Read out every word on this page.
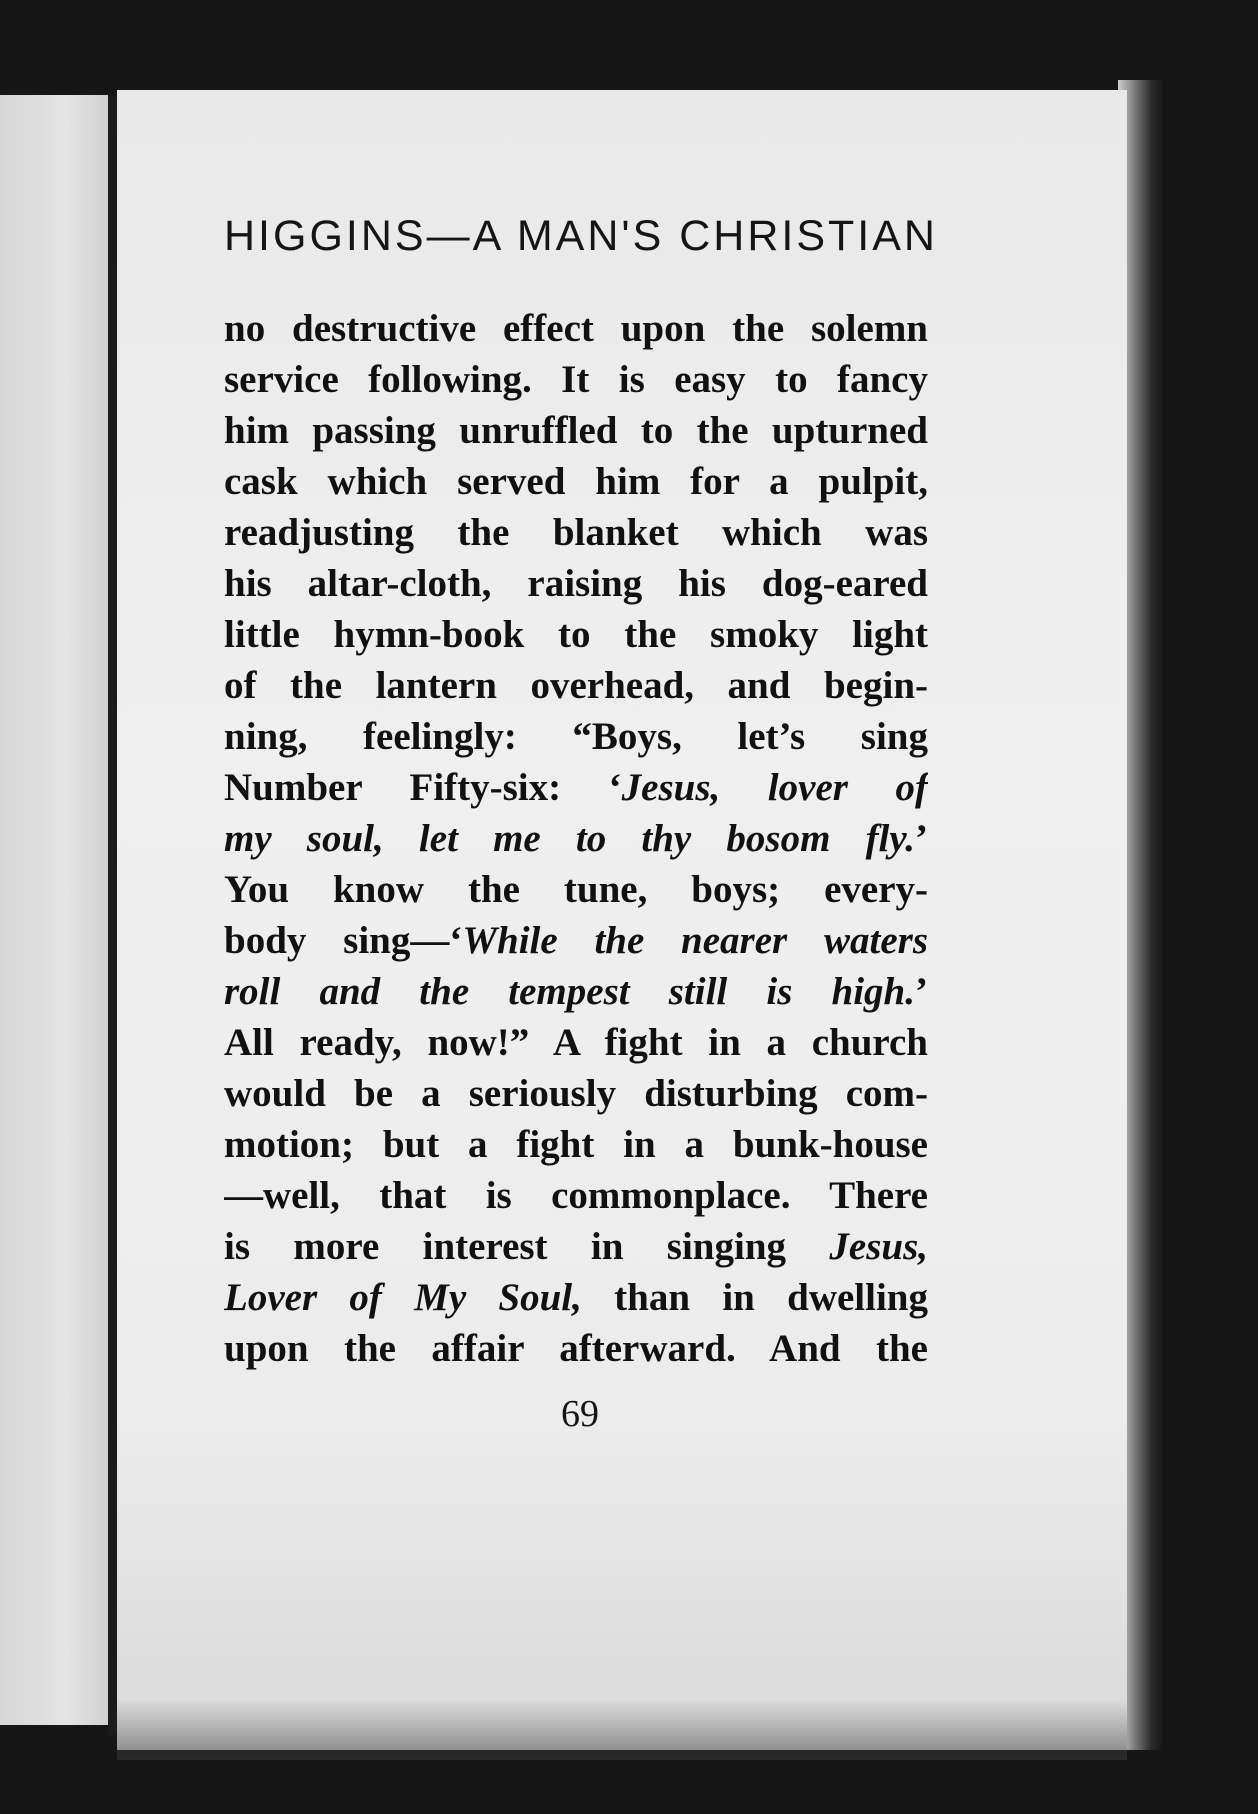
HIGGINS—A MAN'S CHRISTIAN
no destructive effect upon the solemn
service following. It is easy to fancy
him passing unruffled to the upturned
cask which served him for a pulpit,
readjusting the blanket which was
his altar-cloth, raising his dog-eared
little hymn-book to the smoky light
of the lantern overhead, and begin-
ning, feelingly: “Boys, let’s sing
Number Fifty-six: ‘Jesus, lover of
my soul, let me to thy bosom fly.’
You know the tune, boys; every-
body sing—‘While the nearer waters
roll and the tempest still is high.’
All ready, now!” A fight in a church
would be a seriously disturbing com-
motion; but a fight in a bunk-house
—well, that is commonplace. There
is more interest in singing Jesus,
Lover of My Soul, than in dwelling
upon the affair afterward. And the
69
